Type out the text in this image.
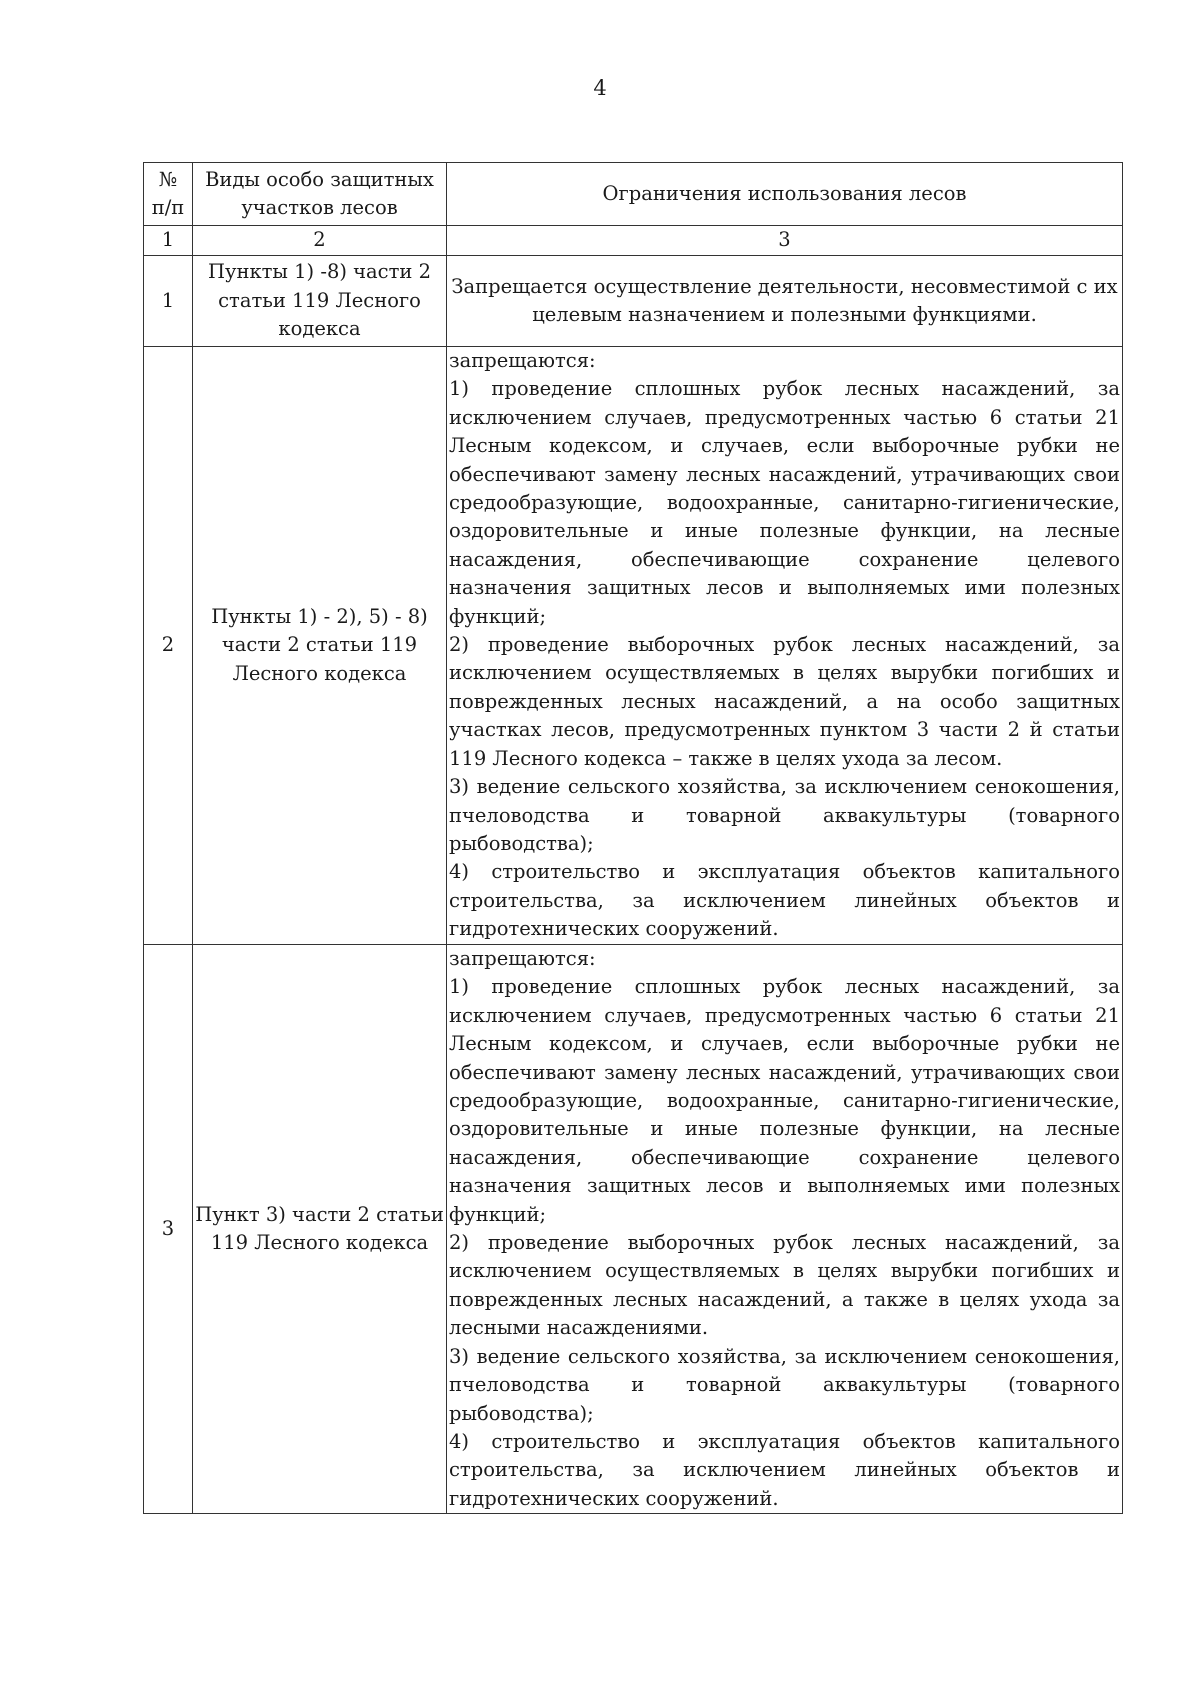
4
№ п/п	Виды особо защитных участков лесов	Ограничения использования лесов
1	2	3
1	Пункты 1) -8) части 2 статьи 119 Лесного кодекса	Запрещается осуществление деятельности, несовместимой с их целевым назначением и полезными функциями.
2	Пункты 1) - 2), 5) - 8) части 2 статьи 119 Лесного кодекса	запрещаются:
1) проведение сплошных рубок лесных насаждений, за исключением случаев, предусмотренных частью 6 статьи 21 Лесным кодексом, и случаев, если выборочные рубки не обеспечивают замену лесных насаждений, утрачивающих свои средообразующие, водоохранные, санитарно-гигиенические, оздоровительные и иные полезные функции, на лесные насаждения, обеспечивающие сохранение целевого назначения защитных лесов и выполняемых ими полезных функций;
2) проведение выборочных рубок лесных насаждений, за исключением осуществляемых в целях вырубки погибших и поврежденных лесных насаждений, а на особо защитных участках лесов, предусмотренных пунктом 3 части 2 й статьи 119 Лесного кодекса – также в целях ухода за лесом.
3) ведение сельского хозяйства, за исключением сенокошения, пчеловодства и товарной аквакультуры (товарного рыбоводства);
4) строительство и эксплуатация объектов капитального строительства, за исключением линейных объектов и гидротехнических сооружений.

3	Пункт 3) части 2 статьи 119 Лесного кодекса	запрещаются:
1) проведение сплошных рубок лесных насаждений, за исключением случаев, предусмотренных частью 6 статьи 21 Лесным кодексом, и случаев, если выборочные рубки не обеспечивают замену лесных насаждений, утрачивающих свои средообразующие, водоохранные, санитарно-гигиенические, оздоровительные и иные полезные функции, на лесные насаждения, обеспечивающие сохранение целевого назначения защитных лесов и выполняемых ими полезных функций;
2) проведение выборочных рубок лесных насаждений, за исключением осуществляемых в целях вырубки погибших и поврежденных лесных насаждений, а также в целях ухода за лесными насаждениями.
3) ведение сельского хозяйства, за исключением сенокошения, пчеловодства и товарной аквакультуры (товарного рыбоводства);
4) строительство и эксплуатация объектов капитального строительства, за исключением линейных объектов и гидротехнических сооружений.
